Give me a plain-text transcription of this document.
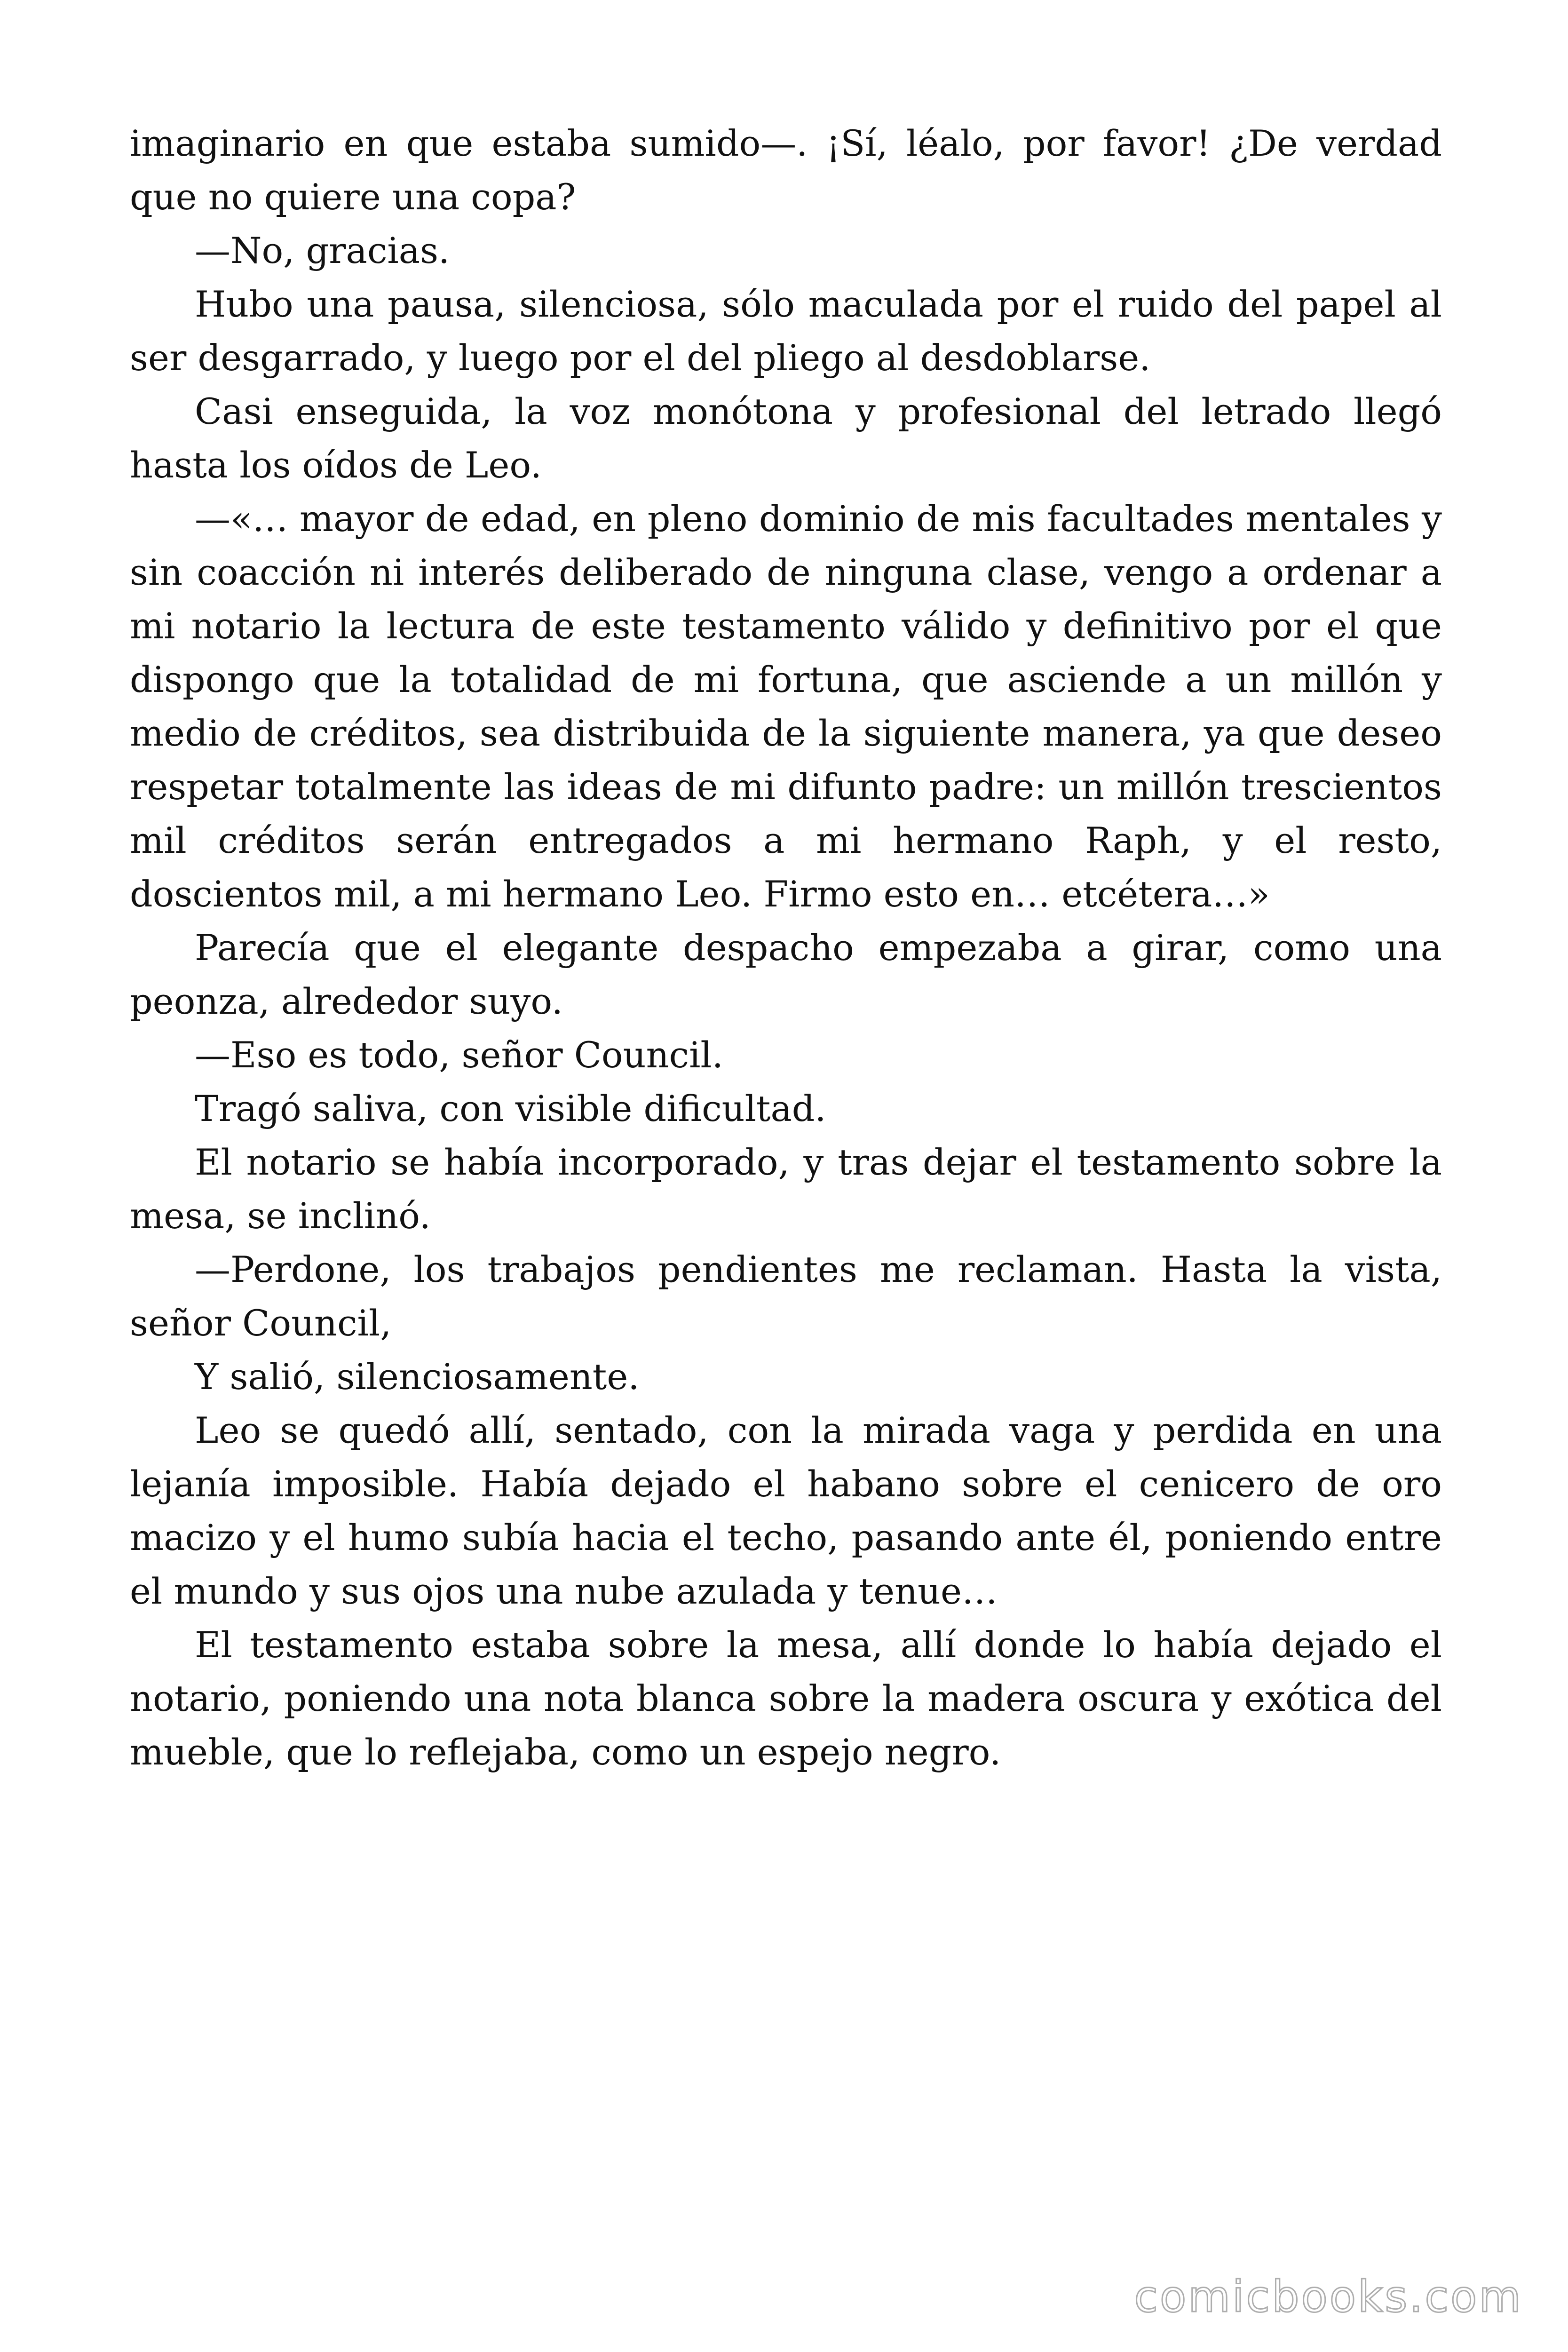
imaginario en que estaba sumido—. ¡Sí, léalo, por favor! ¿De verdad que no quiere una copa?

—No, gracias.

Hubo una pausa, silenciosa, sólo maculada por el ruido del papel al ser desgarrado, y luego por el del pliego al desdoblarse.

Casi enseguida, la voz monótona y profesional del letrado llegó hasta los oídos de Leo.

—«… mayor de edad, en pleno dominio de mis facultades mentales y sin coacción ni interés deliberado de ninguna clase, vengo a ordenar a mi notario la lectura de este testamento válido y definitivo por el que dispongo que la totalidad de mi fortuna, que asciende a un millón y medio de créditos, sea distribuida de la siguiente manera, ya que deseo respetar totalmente las ideas de mi difunto padre: un millón trescientos mil créditos serán entregados a mi hermano Raph, y el resto, doscientos mil, a mi hermano Leo. Firmo esto en… etcétera…»

Parecía que el elegante despacho empezaba a girar, como una peonza, alrededor suyo.

—Eso es todo, señor Council.

Tragó saliva, con visible dificultad.

El notario se había incorporado, y tras dejar el testamento sobre la mesa, se inclinó.

—Perdone, los trabajos pendientes me reclaman. Hasta la vista, señor Council,

Y salió, silenciosamente.

Leo se quedó allí, sentado, con la mirada vaga y perdida en una lejanía imposible. Había dejado el habano sobre el cenicero de oro macizo y el humo subía hacia el techo, pasando ante él, poniendo entre el mundo y sus ojos una nube azulada y tenue…

El testamento estaba sobre la mesa, allí donde lo había dejado el notario, poniendo una nota blanca sobre la madera oscura y exótica del mueble, que lo reflejaba, como un espejo negro.

comicbooks.com
